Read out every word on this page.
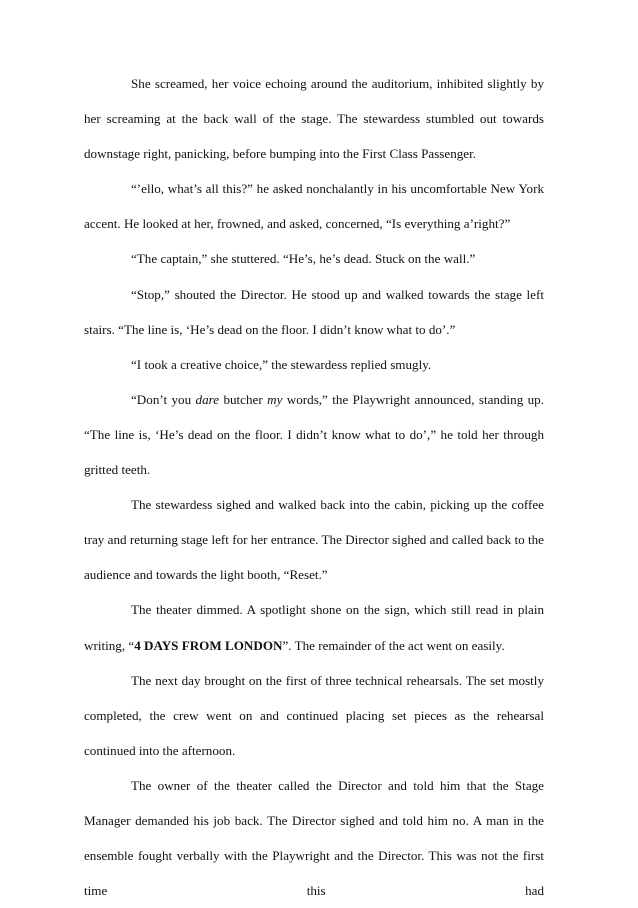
She screamed, her voice echoing around the auditorium, inhibited slightly by her screaming at the back wall of the stage. The stewardess stumbled out towards downstage right, panicking, before bumping into the First Class Passenger.

“’ello, what’s all this?” he asked nonchalantly in his uncomfortable New York accent. He looked at her, frowned, and asked, concerned, “Is everything a’right?”

“The captain,” she stuttered. “He’s, he’s dead. Stuck on the wall.”

“Stop,” shouted the Director. He stood up and walked towards the stage left stairs. “The line is, ‘He’s dead on the floor. I didn’t know what to do’.”

“I took a creative choice,” the stewardess replied smugly.

“Don’t you dare butcher my words,” the Playwright announced, standing up. “The line is, ‘He’s dead on the floor. I didn’t know what to do’,” he told her through gritted teeth.

The stewardess sighed and walked back into the cabin, picking up the coffee tray and returning stage left for her entrance. The Director sighed and called back to the audience and towards the light booth, “Reset.”

The theater dimmed. A spotlight shone on the sign, which still read in plain writing, “4 DAYS FROM LONDON”. The remainder of the act went on easily.

The next day brought on the first of three technical rehearsals. The set mostly completed, the crew went on and continued placing set pieces as the rehearsal continued into the afternoon.

The owner of the theater called the Director and told him that the Stage Manager demanded his job back. The Director sighed and told him no. A man in the ensemble fought verbally with the Playwright and the Director. This was not the first time this had
